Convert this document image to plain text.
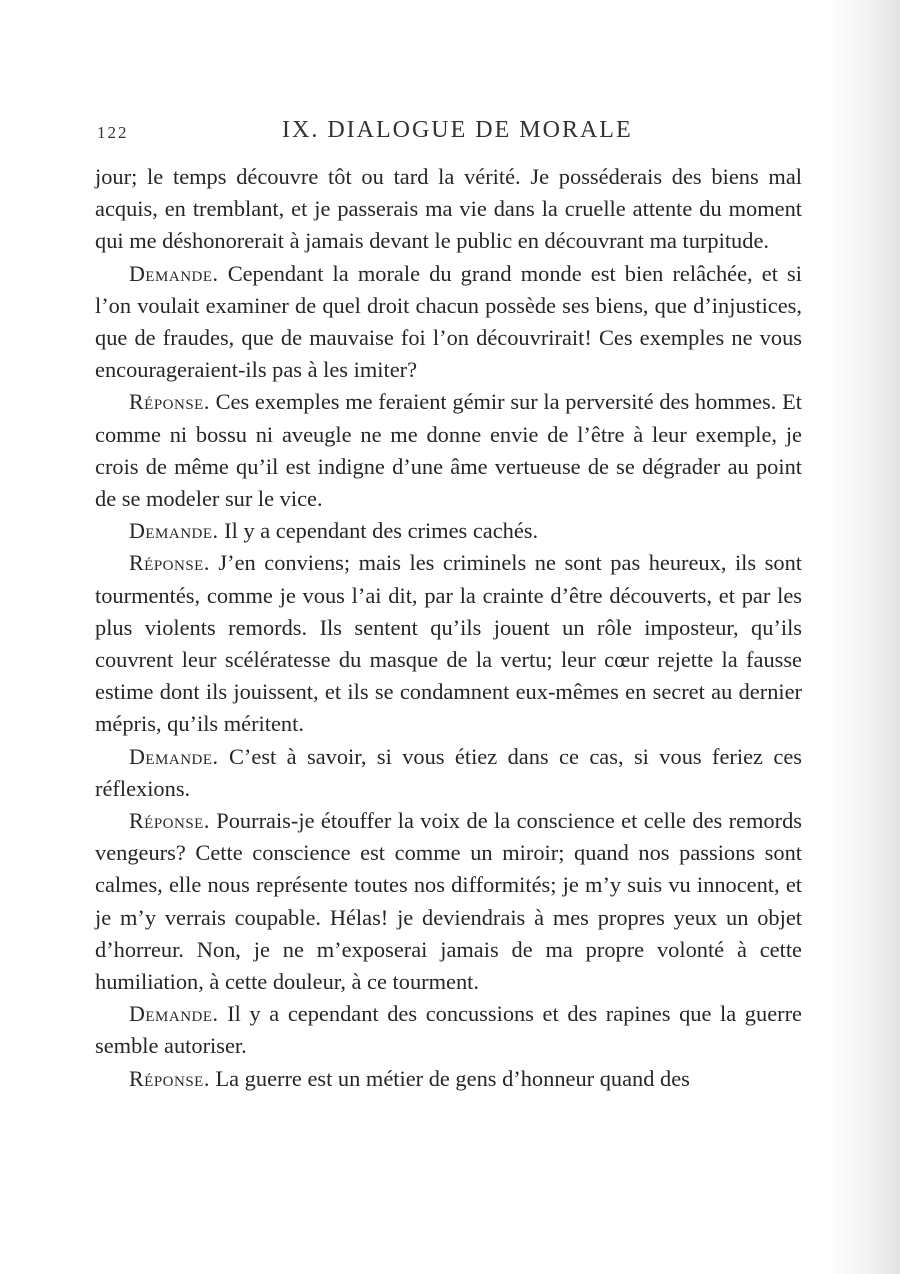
122	IX. DIALOGUE DE MORALE

jour; le temps découvre tôt ou tard la vérité. Je posséderais des biens mal acquis, en tremblant, et je passerais ma vie dans la cruelle attente du moment qui me déshonorerait à jamais devant le public en découvrant ma turpitude.

Demande. Cependant la morale du grand monde est bien relâchée, et si l’on voulait examiner de quel droit chacun possède ses biens, que d’injustices, que de fraudes, que de mauvaise foi l’on découvrirait! Ces exemples ne vous encourageraient-ils pas à les imiter?

Réponse. Ces exemples me feraient gémir sur la perversité des hommes. Et comme ni bossu ni aveugle ne me donne envie de l’être à leur exemple, je crois de même qu’il est indigne d’une âme vertueuse de se dégrader au point de se modeler sur le vice.

Demande. Il y a cependant des crimes cachés.

Réponse. J’en conviens; mais les criminels ne sont pas heureux, ils sont tourmentés, comme je vous l’ai dit, par la crainte d’être découverts, et par les plus violents remords. Ils sentent qu’ils jouent un rôle imposteur, qu’ils couvrent leur scélératesse du masque de la vertu; leur cœur rejette la fausse estime dont ils jouissent, et ils se condamnent eux-mêmes en secret au dernier mépris, qu’ils méritent.

Demande. C’est à savoir, si vous étiez dans ce cas, si vous feriez ces réflexions.

Réponse. Pourrais-je étouffer la voix de la conscience et celle des remords vengeurs? Cette conscience est comme un miroir; quand nos passions sont calmes, elle nous représente toutes nos difformités; je m’y suis vu innocent, et je m’y verrais coupable. Hélas! je deviendrais à mes propres yeux un objet d’horreur. Non, je ne m’exposerai jamais de ma propre volonté à cette humiliation, à cette douleur, à ce tourment.

Demande. Il y a cependant des concussions et des rapines que la guerre semble autoriser.

Réponse. La guerre est un métier de gens d’honneur quand des
